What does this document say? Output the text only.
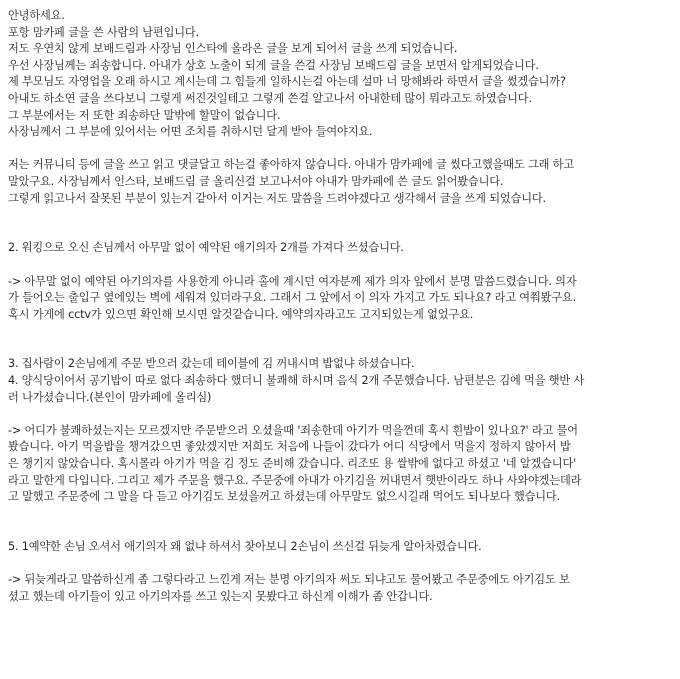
안녕하세요.
포항 맘카페 글을 쓴 사람의 남편입니다.
저도 우연치 않게 보배드림과 사장님 인스타에 올라온 글을 보게 되어서 글을 쓰게 되었습니다.
우선 사장님께는 죄송합니다. 아내가 상호 노출이 되게 글을 쓴걸 사장님 보배드림 글을 보면서 알게되었습니다.
제 부모님도 자영업을 오래 하시고 계시는데 그 힘들게 일하시는걸 아는데 설마 너 망해봐라 하면서 글을 썼겠습니까?
아내도 하소연 글을 쓰다보니 그렇게 써진것일테고 그렇게 쓴걸 알고나서 아내한테 많이 뭐라고도 하였습니다.
그 부분에서는 저 또한 죄송하단 말밖에 할말이 없습니다.
사장님께서 그 부분에 있어서는 어떤 조치를 취하시던 달게 받아 들여야지요.
저는 커뮤니티 등에 글을 쓰고 읽고 댓글달고 하는걸 좋아하지 않습니다. 아내가 맘카페에 글 썼다고했을때도 그래 하고
말았구요. 사장님께서 인스타, 보배드림 글 올리신걸 보고나서야 아내가 맘카페에 쓴 글도 읽어봤습니다.
그렇게 읽고나서 잘못된 부분이 있는거 같아서 이거는 저도 말씀을 드려야겠다고 생각해서 글을 쓰게 되었습니다.
2. 워킹으로 오신 손님께서 아무말 없이 예약된 애기의자 2개를 가져다 쓰셨습니다.
-> 아무말 없이 예약된 아기의자를 사용한게 아니라 홀에 계시던 여자분께 제가 의자 앞에서 분명 말씀드렸습니다. 의자
가 들어오는 출입구 옆에있는 벽에 세워져 있더라구요. 그래서 그 앞에서 이 의자 가지고 가도 되나요? 라고 여쭤봤구요.
혹시 가게에 cctv가 있으면 확인해 보시면 알것같습니다. 예약의자라고도 고지되있는게 없었구요.
3. 집사람이 2손님에게 주문 받으러 갔는데 테이블에 김 꺼내시며 밥없냐 하셨습니다.
4. 양식당이어서 공기밥이 따로 없다 죄송하다 했더니 불쾌해 하시며 음식 2개 주문했습니다. 남편분은 김에 먹을 햇반 사
러 나가셨습니다.(본인이 맘카페에 올리심)
-> 어디가 불쾌하셨는지는 모르겠지만 주문받으러 오셨을때 '죄송한데 아기가 먹을껀데 혹시 흰밥이 있나요?' 라고 물어
봤습니다. 아기 먹을밥을 챙겨갔으면 좋았겠지만 저희도 처음에 나들이 갔다가 어디 식당에서 먹을지 정하지 않아서 밥
은 챙기지 않았습니다. 혹시몰라 아기가 먹을 김 정도 준비해 갔습니다. 리조또 용 쌀밖에 없다고 하셨고 '네 알겠습니다'
라고 말한게 다입니다. 그리고 제가 주문을 했구요. 주문중에 아내가 아기김을 꺼내면서 햇반이라도 하나 사와야겠는데라
고 말했고 주문중에 그 말을 다 듣고 아기김도 보셨을꺼고 하셨는데 아무말도 없으시길래 먹어도 되나보다 했습니다.
5. 1예약한 손님 오셔서 애기의자 왜 없냐 하셔서 찾아보니 2손님이 쓰신걸 뒤늦게 알아차렸습니다.
-> 뒤늦게라고 말씀하신게 좀 그렇다라고 느낀게 저는 분명 아기의자 써도 되냐고도 물어봤고 주문중에도 아기김도 보
셨고 했는데 아기들이 있고 아기의자를 쓰고 있는지 못봤다고 하신게 이해가 좀 안갑니다.
